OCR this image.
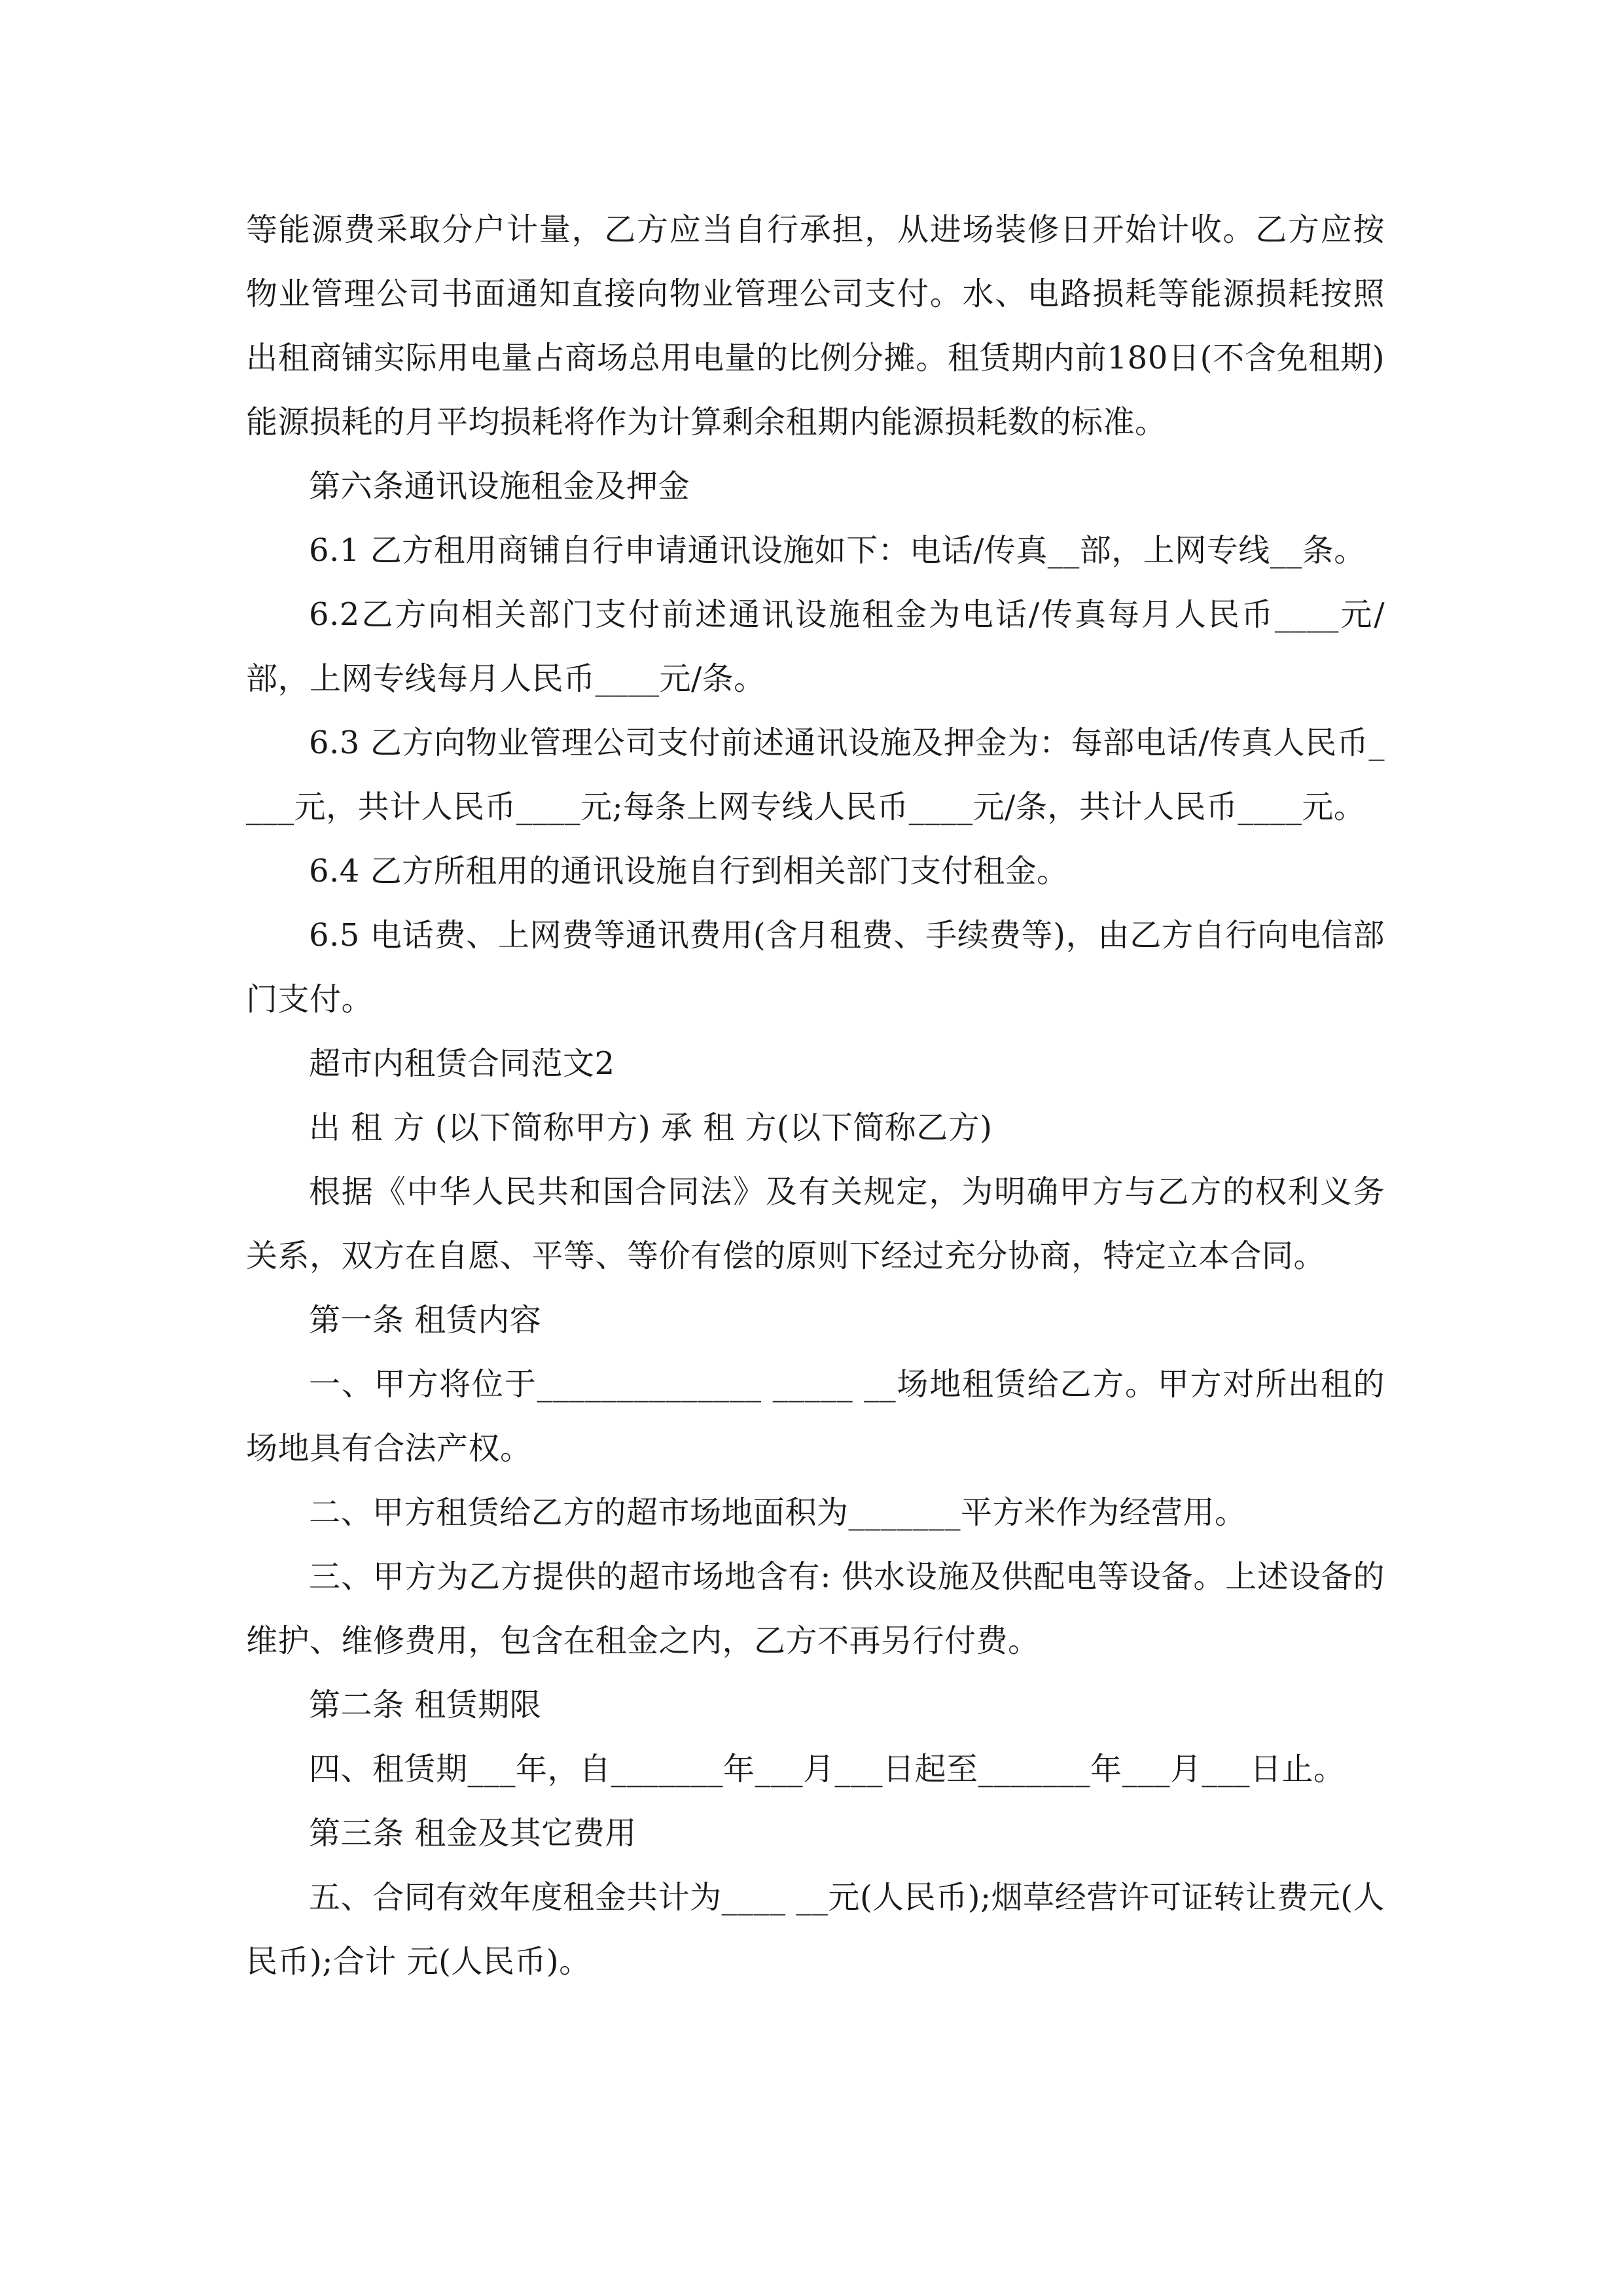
等能源费采取分户计量，乙方应当自行承担，从进场装修日开始计收。乙方应按物业管理公司书面通知直接向物业管理公司支付。水、电路损耗等能源损耗按照出租商铺实际用电量占商场总用电量的比例分摊。租赁期内前180日(不含免租期)能源损耗的月平均损耗将作为计算剩余租期内能源损耗数的标准。

第六条通讯设施租金及押金

6.1 乙方租用商铺自行申请通讯设施如下：电话/传真__部，上网专线__条。

6.2乙方向相关部门支付前述通讯设施租金为电话/传真每月人民币____元/部，上网专线每月人民币____元/条。

6.3 乙方向物业管理公司支付前述通讯设施及押金为：每部电话/传真人民币____元，共计人民币____元;每条上网专线人民币____元/条，共计人民币____元。

6.4 乙方所租用的通讯设施自行到相关部门支付租金。

6.5 电话费、上网费等通讯费用(含月租费、手续费等)，由乙方自行向电信部门支付。

超市内租赁合同范文2

出 租 方 (以下简称甲方) 承 租 方(以下简称乙方)

根据《中华人民共和国合同法》及有关规定，为明确甲方与乙方的权利义务关系，双方在自愿、平等、等价有偿的原则下经过充分协商，特定立本合同。

第一条 租赁内容

一、甲方将位于______________ _____ __场地租赁给乙方。甲方对所出租的场地具有合法产权。

二、甲方租赁给乙方的超市场地面积为_______平方米作为经营用。

三、甲方为乙方提供的超市场地含有: 供水设施及供配电等设备。上述设备的维护、维修费用，包含在租金之内，乙方不再另行付费。

第二条 租赁期限

四、租赁期___年，自_______年___月___日起至_______年___月___日止。

第三条 租金及其它费用

五、合同有效年度租金共计为____ __元(人民币);烟草经营许可证转让费元(人民币);合计 元(人民币)。
